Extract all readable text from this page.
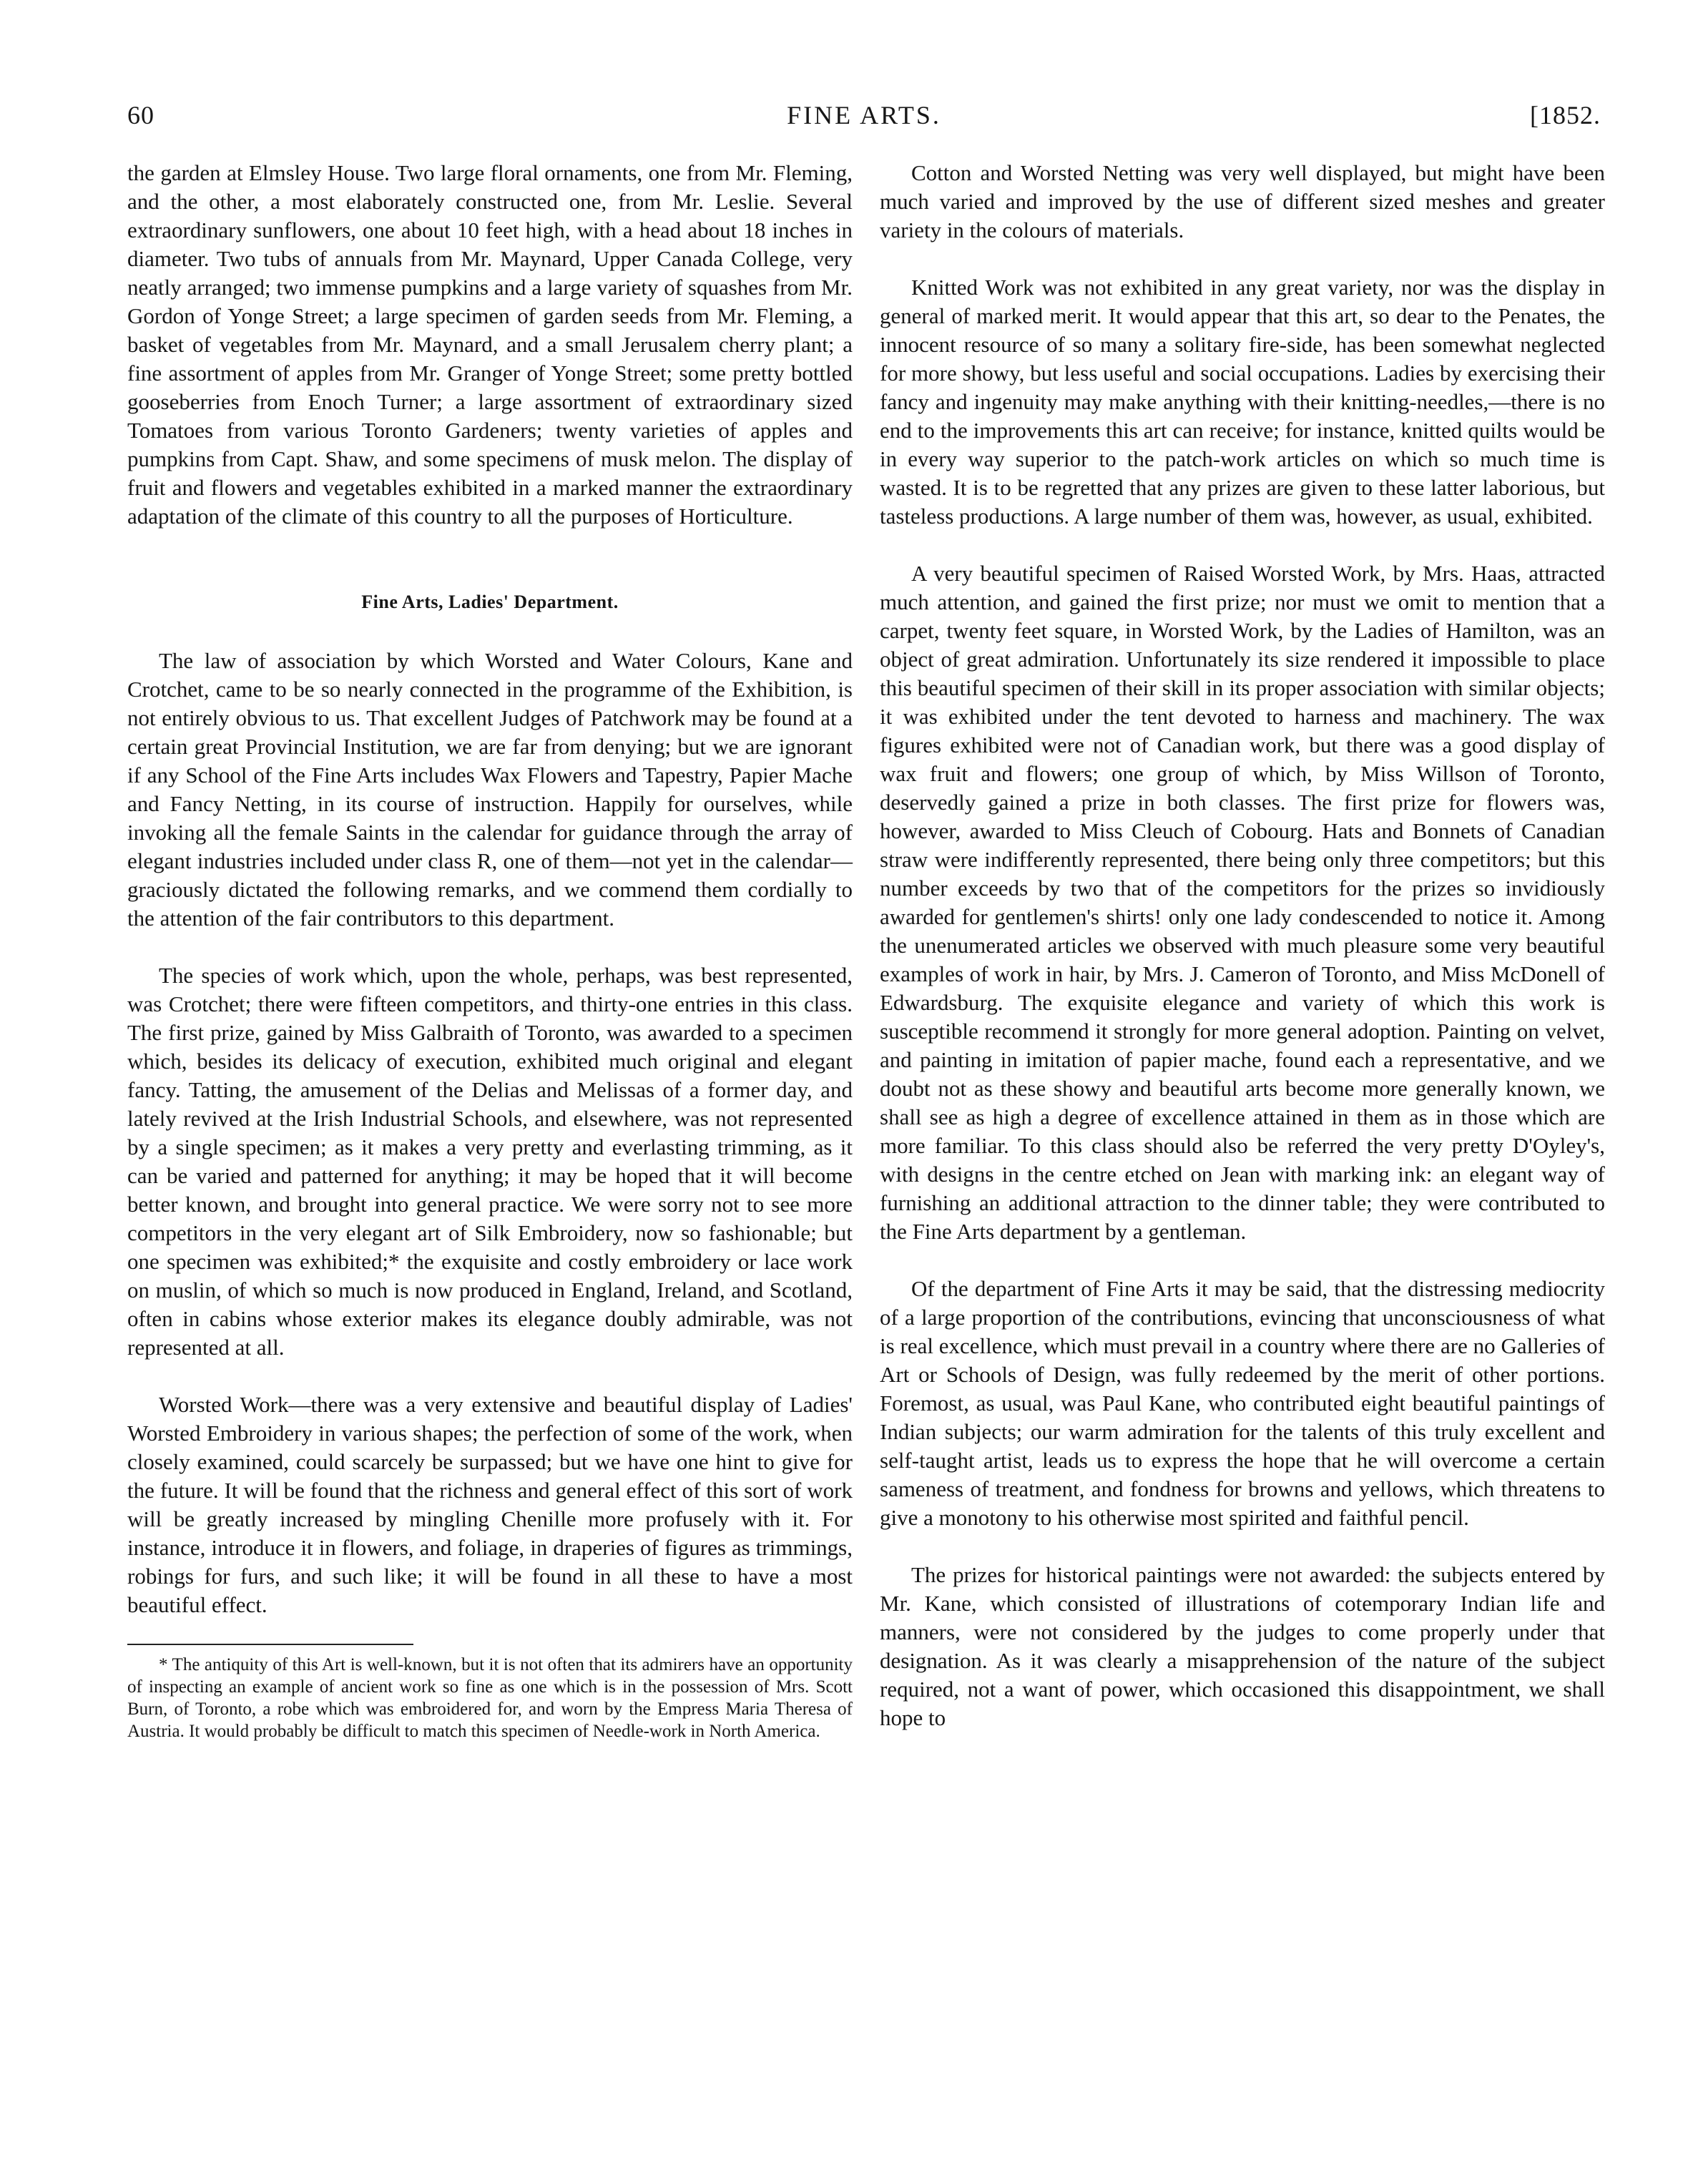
60	FINE ARTS.	[1852.

the garden at Elmsley House. Two large floral ornaments, one from Mr. Fleming, and the other, a most elaborately constructed one, from Mr. Leslie. Several extraordinary sunflowers, one about 10 feet high, with a head about 18 inches in diameter. Two tubs of annuals from Mr. Maynard, Upper Canada College, very neatly arranged; two immense pumpkins and a large variety of squashes from Mr. Gordon of Yonge Street; a large specimen of garden seeds from Mr. Fleming, a basket of vegetables from Mr. Maynard, and a small Jerusalem cherry plant; a fine assortment of apples from Mr. Granger of Yonge Street; some pretty bottled gooseberries from Enoch Turner; a large assortment of extraordinary sized Tomatoes from various Toronto Gardeners; twenty varieties of apples and pumpkins from Capt. Shaw, and some specimens of musk melon. The display of fruit and flowers and vegetables exhibited in a marked manner the extraordinary adaptation of the climate of this country to all the purposes of Horticulture.

Fine Arts, Ladies' Department.

The law of association by which Worsted and Water Colours, Kane and Crotchet, came to be so nearly connected in the programme of the Exhibition, is not entirely obvious to us. That excellent Judges of Patchwork may be found at a certain great Provincial Institution, we are far from denying; but we are ignorant if any School of the Fine Arts includes Wax Flowers and Tapestry, Papier Mache and Fancy Netting, in its course of instruction. Happily for ourselves, while invoking all the female Saints in the calendar for guidance through the array of elegant industries included under class R, one of them—not yet in the calendar—graciously dictated the following remarks, and we commend them cordially to the attention of the fair contributors to this department.

The species of work which, upon the whole, perhaps, was best represented, was Crotchet; there were fifteen competitors, and thirty-one entries in this class. The first prize, gained by Miss Galbraith of Toronto, was awarded to a specimen which, besides its delicacy of execution, exhibited much original and elegant fancy. Tatting, the amusement of the Delias and Melissas of a former day, and lately revived at the Irish Industrial Schools, and elsewhere, was not represented by a single specimen; as it makes a very pretty and everlasting trimming, as it can be varied and patterned for anything; it may be hoped that it will become better known, and brought into general practice. We were sorry not to see more competitors in the very elegant art of Silk Embroidery, now so fashionable; but one specimen was exhibited;* the exquisite and costly embroidery or lace work on muslin, of which so much is now produced in England, Ireland, and Scotland, often in cabins whose exterior makes its elegance doubly admirable, was not represented at all.

Worsted Work—there was a very extensive and beautiful display of Ladies' Worsted Embroidery in various shapes; the perfection of some of the work, when closely examined, could scarcely be surpassed; but we have one hint to give for the future. It will be found that the richness and general effect of this sort of work will be greatly increased by mingling Chenille more profusely with it. For instance, introduce it in flowers, and foliage, in draperies of figures as trimmings, robings for furs, and such like; it will be found in all these to have a most beautiful effect.

* The antiquity of this Art is well-known, but it is not often that its admirers have an opportunity of inspecting an example of ancient work so fine as one which is in the possession of Mrs. Scott Burn, of Toronto, a robe which was embroidered for, and worn by the Empress Maria Theresa of Austria. It would probably be difficult to match this specimen of Needle-work in North America.

Cotton and Worsted Netting was very well displayed, but might have been much varied and improved by the use of different sized meshes and greater variety in the colours of materials.

Knitted Work was not exhibited in any great variety, nor was the display in general of marked merit. It would appear that this art, so dear to the Penates, the innocent resource of so many a solitary fire-side, has been somewhat neglected for more showy, but less useful and social occupations. Ladies by exercising their fancy and ingenuity may make anything with their knitting-needles,—there is no end to the improvements this art can receive; for instance, knitted quilts would be in every way superior to the patch-work articles on which so much time is wasted. It is to be regretted that any prizes are given to these latter laborious, but tasteless productions. A large number of them was, however, as usual, exhibited.

A very beautiful specimen of Raised Worsted Work, by Mrs. Haas, attracted much attention, and gained the first prize; nor must we omit to mention that a carpet, twenty feet square, in Worsted Work, by the Ladies of Hamilton, was an object of great admiration. Unfortunately its size rendered it impossible to place this beautiful specimen of their skill in its proper association with similar objects; it was exhibited under the tent devoted to harness and machinery. The wax figures exhibited were not of Canadian work, but there was a good display of wax fruit and flowers; one group of which, by Miss Willson of Toronto, deservedly gained a prize in both classes. The first prize for flowers was, however, awarded to Miss Cleuch of Cobourg. Hats and Bonnets of Canadian straw were indifferently represented, there being only three competitors; but this number exceeds by two that of the competitors for the prizes so invidiously awarded for gentlemen's shirts! only one lady condescended to notice it. Among the unenumerated articles we observed with much pleasure some very beautiful examples of work in hair, by Mrs. J. Cameron of Toronto, and Miss McDonell of Edwardsburg. The exquisite elegance and variety of which this work is susceptible recommend it strongly for more general adoption. Painting on velvet, and painting in imitation of papier mache, found each a representative, and we doubt not as these showy and beautiful arts become more generally known, we shall see as high a degree of excellence attained in them as in those which are more familiar. To this class should also be referred the very pretty D'Oyley's, with designs in the centre etched on Jean with marking ink: an elegant way of furnishing an additional attraction to the dinner table; they were contributed to the Fine Arts department by a gentleman.

Of the department of Fine Arts it may be said, that the distressing mediocrity of a large proportion of the contributions, evincing that unconsciousness of what is real excellence, which must prevail in a country where there are no Galleries of Art or Schools of Design, was fully redeemed by the merit of other portions. Foremost, as usual, was Paul Kane, who contributed eight beautiful paintings of Indian subjects; our warm admiration for the talents of this truly excellent and self-taught artist, leads us to express the hope that he will overcome a certain sameness of treatment, and fondness for browns and yellows, which threatens to give a monotony to his otherwise most spirited and faithful pencil.

The prizes for historical paintings were not awarded: the subjects entered by Mr. Kane, which consisted of illustrations of cotemporary Indian life and manners, were not considered by the judges to come properly under that designation. As it was clearly a misapprehension of the nature of the subject required, not a want of power, which occasioned this disappointment, we shall hope to
